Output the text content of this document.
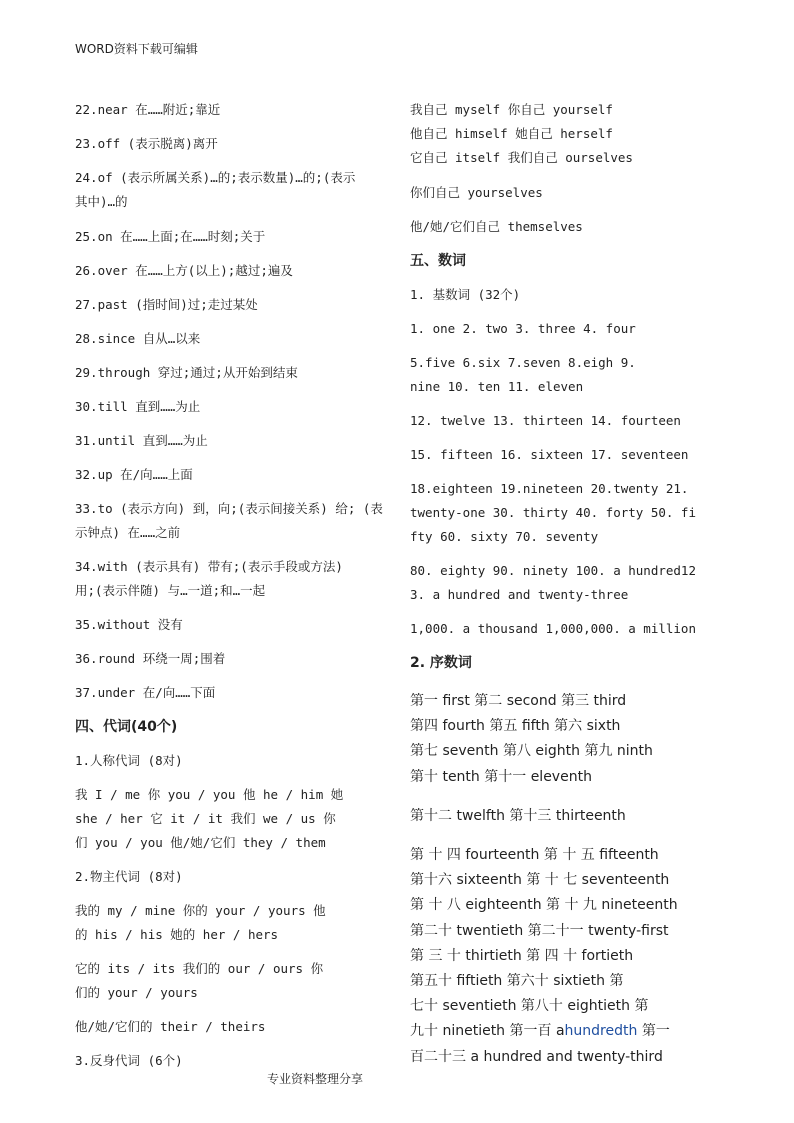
WORD资料下载可编辑
22.near 在……附近;靠近
23.off (表示脱离)离开
24.of (表示所属关系)…的;表示数量)…的;(表示
其中)…的
25.on 在……上面;在……时刻;关于
26.over 在……上方(以上);越过;遍及
27.past (指时间)过;走过某处
28.since 自从…以来
29.through 穿过;通过;从开始到结束
30.till 直到……为止
31.until 直到……为止
32.up 在/向……上面
33.to (表示方向) 到，向;(表示间接关系) 给; (表
示钟点) 在……之前
34.with (表示具有) 带有;(表示手段或方法)
用;(表示伴随) 与…一道;和…一起
35.without 没有
36.round 环绕一周;围着
37.under 在/向……下面
四、代词(40个)
1.人称代词 (8对)
我 I / me 你 you / you 他 he / him 她
she / her 它 it / it 我们 we / us 你
们 you / you 他/她/它们 they / them
2.物主代词 (8对)
我的 my / mine 你的 your / yours 他
的 his / his 她的 her / hers
它的 its / its 我们的 our / ours 你
们的 your / yours
他/她/它们的 their / theirs
3.反身代词 (6个)
我自己 myself 你自己 yourself
他自己 himself 她自己 herself
它自己 itself 我们自己 ourselves
你们自己 yourselves
他/她/它们自己 themselves
五、数词
1. 基数词 (32个)
1. one 2. two 3. three 4. four
5.five 6.six 7.seven 8.eigh 9.
nine 10. ten 11. eleven
12. twelve 13. thirteen 14. fourteen
15. fifteen 16. sixteen 17. seventeen
18.eighteen 19.nineteen 20.twenty 21.
twenty-one 30. thirty 40. forty 50. fi
fty 60. sixty 70. seventy
80. eighty 90. ninety 100. a hundred12
3. a hundred and twenty-three
1,000. a thousand 1,000,000. a million
2. 序数词
第一 first 第二 second 第三 third
第四 fourth 第五 fifth 第六 sixth
第七 seventh 第八 eighth 第九 ninth
第十 tenth 第十一 eleventh
第十二 twelfth 第十三 thirteenth
第 十 四 fourteenth 第 十 五 fifteenth
第十六 sixteenth 第 十 七 seventeenth
第 十 八 eighteenth 第 十 九 nineteenth
第二十 twentieth 第二十一 twenty-first
第 三 十 thirtieth 第 四 十 fortieth
第五十 fiftieth 第六十 sixtieth 第
七十 seventieth 第八十 eightieth 第
九十 ninetieth 第一百 ahundredth 第一
百二十三 a hundred and twenty-third
专业资料整理分享
